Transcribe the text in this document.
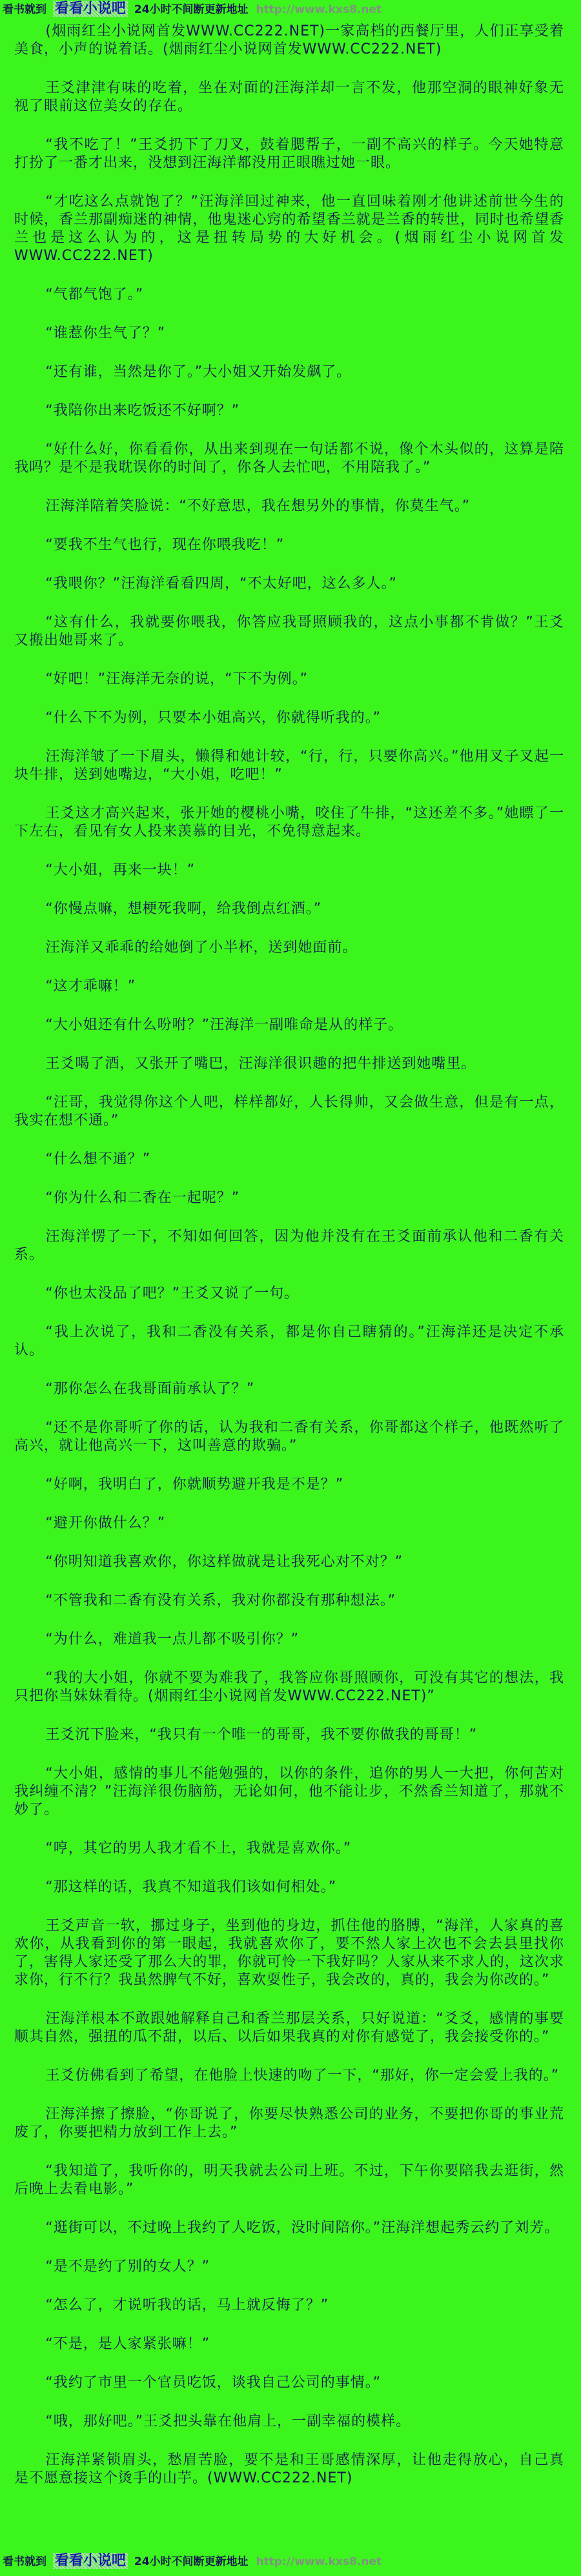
看书就到 看看小说吧 24小时不间断更新地址 http://www.kxs8.net

(烟雨红尘小说网首发WWW.CC222.NET)一家高档的西餐厅里，人们正享受着美食，小声的说着话。(烟雨红尘小说网首发WWW.CC222.NET)

王爻津津有味的吃着，坐在对面的汪海洋却一言不发，他那空洞的眼神好象无视了眼前这位美女的存在。

“我不吃了！”王爻扔下了刀叉，鼓着腮帮子，一副不高兴的样子。今天她特意打扮了一番才出来，没想到汪海洋都没用正眼瞧过她一眼。

“才吃这么点就饱了？”汪海洋回过神来，他一直回味着刚才他讲述前世今生的时候，香兰那副痴迷的神情，他鬼迷心窍的希望香兰就是兰香的转世，同时也希望香兰也是这么认为的，这是扭转局势的大好机会。(烟雨红尘小说网首发WWW.CC222.NET)

“气都气饱了。”

“谁惹你生气了？”

“还有谁，当然是你了。”大小姐又开始发飙了。

“我陪你出来吃饭还不好啊？”

“好什么好，你看看你，从出来到现在一句话都不说，像个木头似的，这算是陪我吗？是不是我耽误你的时间了，你各人去忙吧，不用陪我了。”

汪海洋陪着笑脸说：“不好意思，我在想另外的事情，你莫生气。”

“要我不生气也行，现在你喂我吃！”

“我喂你？”汪海洋看看四周，“不太好吧，这么多人。”

“这有什么，我就要你喂我，你答应我哥照顾我的，这点小事都不肯做？”王爻又搬出她哥来了。

“好吧！”汪海洋无奈的说，“下不为例。”

“什么下不为例，只要本小姐高兴，你就得听我的。”

汪海洋皱了一下眉头，懒得和她计较，“行，行，只要你高兴。”他用叉子叉起一块牛排，送到她嘴边，“大小姐，吃吧！”

王爻这才高兴起来，张开她的樱桃小嘴，咬住了牛排，“这还差不多。”她瞟了一下左右，看见有女人投来羡慕的目光，不免得意起来。

“大小姐，再来一块！”

“你慢点嘛，想梗死我啊，给我倒点红酒。”

汪海洋又乖乖的给她倒了小半杯，送到她面前。

“这才乖嘛！”

“大小姐还有什么吩咐？”汪海洋一副唯命是从的样子。

王爻喝了酒，又张开了嘴巴，汪海洋很识趣的把牛排送到她嘴里。

“汪哥，我觉得你这个人吧，样样都好，人长得帅，又会做生意，但是有一点，我实在想不通。”

“什么想不通？”

“你为什么和二香在一起呢？”

汪海洋愣了一下，不知如何回答，因为他并没有在王爻面前承认他和二香有关系。

“你也太没品了吧？”王爻又说了一句。

“我上次说了，我和二香没有关系，都是你自己瞎猜的。”汪海洋还是决定不承认。

“那你怎么在我哥面前承认了？”

“还不是你哥听了你的话，认为我和二香有关系，你哥都这个样子，他既然听了高兴，就让他高兴一下，这叫善意的欺骗。”

“好啊，我明白了，你就顺势避开我是不是？”

“避开你做什么？”

“你明知道我喜欢你，你这样做就是让我死心对不对？”

“不管我和二香有没有关系，我对你都没有那种想法。”

“为什么，难道我一点儿都不吸引你？”

“我的大小姐，你就不要为难我了，我答应你哥照顾你，可没有其它的想法，我只把你当妹妹看待。(烟雨红尘小说网首发WWW.CC222.NET)”

王爻沉下脸来，“我只有一个唯一的哥哥，我不要你做我的哥哥！”

“大小姐，感情的事儿不能勉强的，以你的条件，追你的男人一大把，你何苦对我纠缠不清？”汪海洋很伤脑筋，无论如何，他不能让步，不然香兰知道了，那就不妙了。

“哼，其它的男人我才看不上，我就是喜欢你。”

“那这样的话，我真不知道我们该如何相处。”

王爻声音一软，挪过身子，坐到他的身边，抓住他的胳膊，“海洋，人家真的喜欢你，从我看到你的第一眼起，我就喜欢你了，要不然人家上次也不会去县里找你了，害得人家还受了那么大的罪，你就可怜一下我好吗？人家从来不求人的，这次求求你，行不行？我虽然脾气不好，喜欢耍性子，我会改的，真的，我会为你改的。”

汪海洋根本不敢跟她解释自己和香兰那层关系，只好说道：“爻爻，感情的事要顺其自然，强扭的瓜不甜，以后、以后如果我真的对你有感觉了，我会接受你的。”

王爻仿佛看到了希望，在他脸上快速的吻了一下，“那好，你一定会爱上我的。”

汪海洋擦了擦脸，“你哥说了，你要尽快熟悉公司的业务，不要把你哥的事业荒废了，你要把精力放到工作上去。”

“我知道了，我听你的，明天我就去公司上班。不过，下午你要陪我去逛街，然后晚上去看电影。”

“逛街可以，不过晚上我约了人吃饭，没时间陪你。”汪海洋想起秀云约了刘芳。

“是不是约了别的女人？”

“怎么了，才说听我的话，马上就反悔了？”

“不是，是人家紧张嘛！”

“我约了市里一个官员吃饭，谈我自己公司的事情。”

“哦，那好吧。”王爻把头靠在他肩上，一副幸福的模样。

汪海洋紧锁眉头，愁眉苦脸，要不是和王哥感情深厚，让他走得放心，自己真是不愿意接这个烫手的山芋。(WWW.CC222.NET)

看书就到 看看小说吧 24小时不间断更新地址 http://www.kxs8.net
